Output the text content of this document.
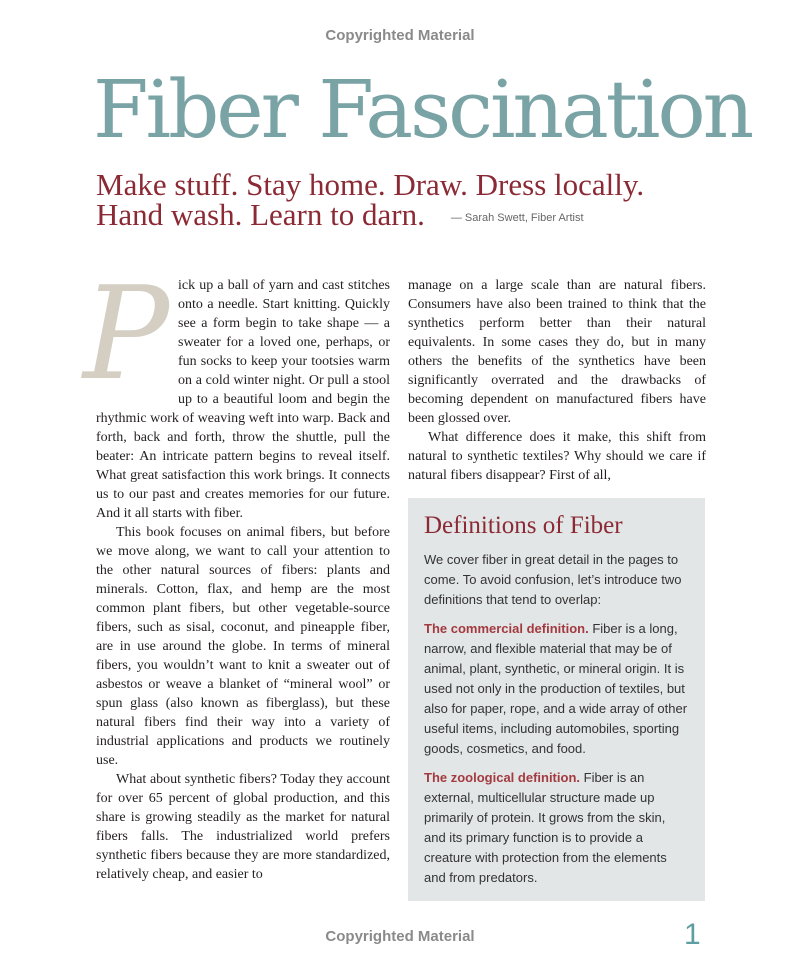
Copyrighted Material
Fiber Fascination
Make stuff. Stay home. Draw. Dress locally.
Hand wash. Learn to darn. — Sarah Swett, Fiber Artist

Pick up a ball of yarn and cast stitches onto a needle. Start knitting. Quickly see a form begin to take shape — a sweater for a loved one, perhaps, or fun socks to keep your tootsies warm on a cold winter night. Or pull a stool up to a beautiful loom and begin the rhythmic work of weaving weft into warp. Back and forth, back and forth, throw the shuttle, pull the beater: An intricate pattern begins to reveal itself. What great satisfaction this work brings. It connects us to our past and creates memories for our future. And it all starts with fiber.

This book focuses on animal fibers, but before we move along, we want to call your attention to the other natural sources of fibers: plants and minerals. Cotton, flax, and hemp are the most common plant fibers, but other vegetable-source fibers, such as sisal, coconut, and pineapple fiber, are in use around the globe. In terms of mineral fibers, you wouldn’t want to knit a sweater out of asbestos or weave a blanket of “mineral wool” or spun glass (also known as fiberglass), but these natural fibers find their way into a variety of industrial applications and products we routinely use.

What about synthetic fibers? Today they account for over 65 percent of global production, and this share is growing steadily as the market for natural fibers falls. The industrialized world prefers synthetic fibers because they are more standardized, relatively cheap, and easier to

manage on a large scale than are natural fibers. Consumers have also been trained to think that the synthetics perform better than their natural equivalents. In some cases they do, but in many others the benefits of the synthetics have been significantly overrated and the drawbacks of becoming dependent on manufactured fibers have been glossed over.

What difference does it make, this shift from natural to synthetic textiles? Why should we care if natural fibers disappear? First of all,

Definitions of Fiber

We cover fiber in great detail in the pages to come. To avoid confusion, let’s introduce two definitions that tend to overlap:

The commercial definition. Fiber is a long, narrow, and flexible material that may be of animal, plant, synthetic, or mineral origin. It is used not only in the production of textiles, but also for paper, rope, and a wide array of other useful items, including automobiles, sporting goods, cosmetics, and food.

The zoological definition. Fiber is an external, multicellular structure made up primarily of protein. It grows from the skin, and its primary function is to provide a creature with protection from the elements and from predators.

Copyrighted Material	1
